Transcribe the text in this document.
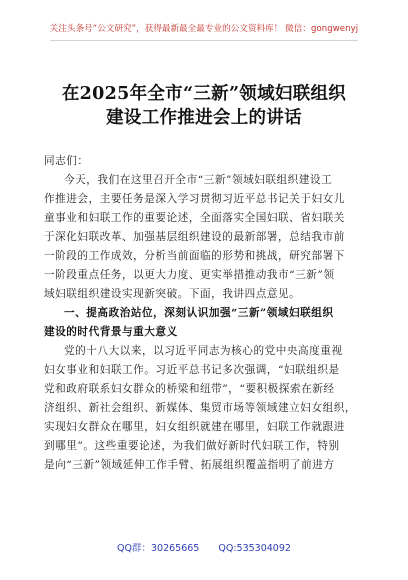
关注头条号“公文研究”，获得最新最全最专业的公文资料库！ 微信：gongwenyj
在2025年全市“三新”领域妇联组织
建设工作推进会上的讲话
同志们：
今天，我们在这里召开全市“三新”领域妇联组织建设工
作推进会，主要任务是深入学习贯彻习近平总书记关于妇女儿
童事业和妇联工作的重要论述，全面落实全国妇联、省妇联关
于深化妇联改革、加强基层组织建设的最新部署，总结我市前
一阶段的工作成效，分析当前面临的形势和挑战，研究部署下
一阶段重点任务，以更大力度、更实举措推动我市“三新”领
域妇联组织建设实现新突破。下面，我讲四点意见。
一、提高政治站位，深刻认识加强“三新”领域妇联组织
建设的时代背景与重大意义
党的十八大以来，以习近平同志为核心的党中央高度重视
妇女事业和妇联工作。习近平总书记多次强调，“妇联组织是
党和政府联系妇女群众的桥梁和纽带”，“要积极探索在新经
济组织、新社会组织、新媒体、集贸市场等领域建立妇女组织，
实现妇女群众在哪里，妇女组织就建在哪里，妇联工作就跟进
到哪里”。这些重要论述，为我们做好新时代妇联工作，特别
是向“三新”领域延伸工作手臂、拓展组织覆盖指明了前进方
QQ群：30265665 QQ:535304092
